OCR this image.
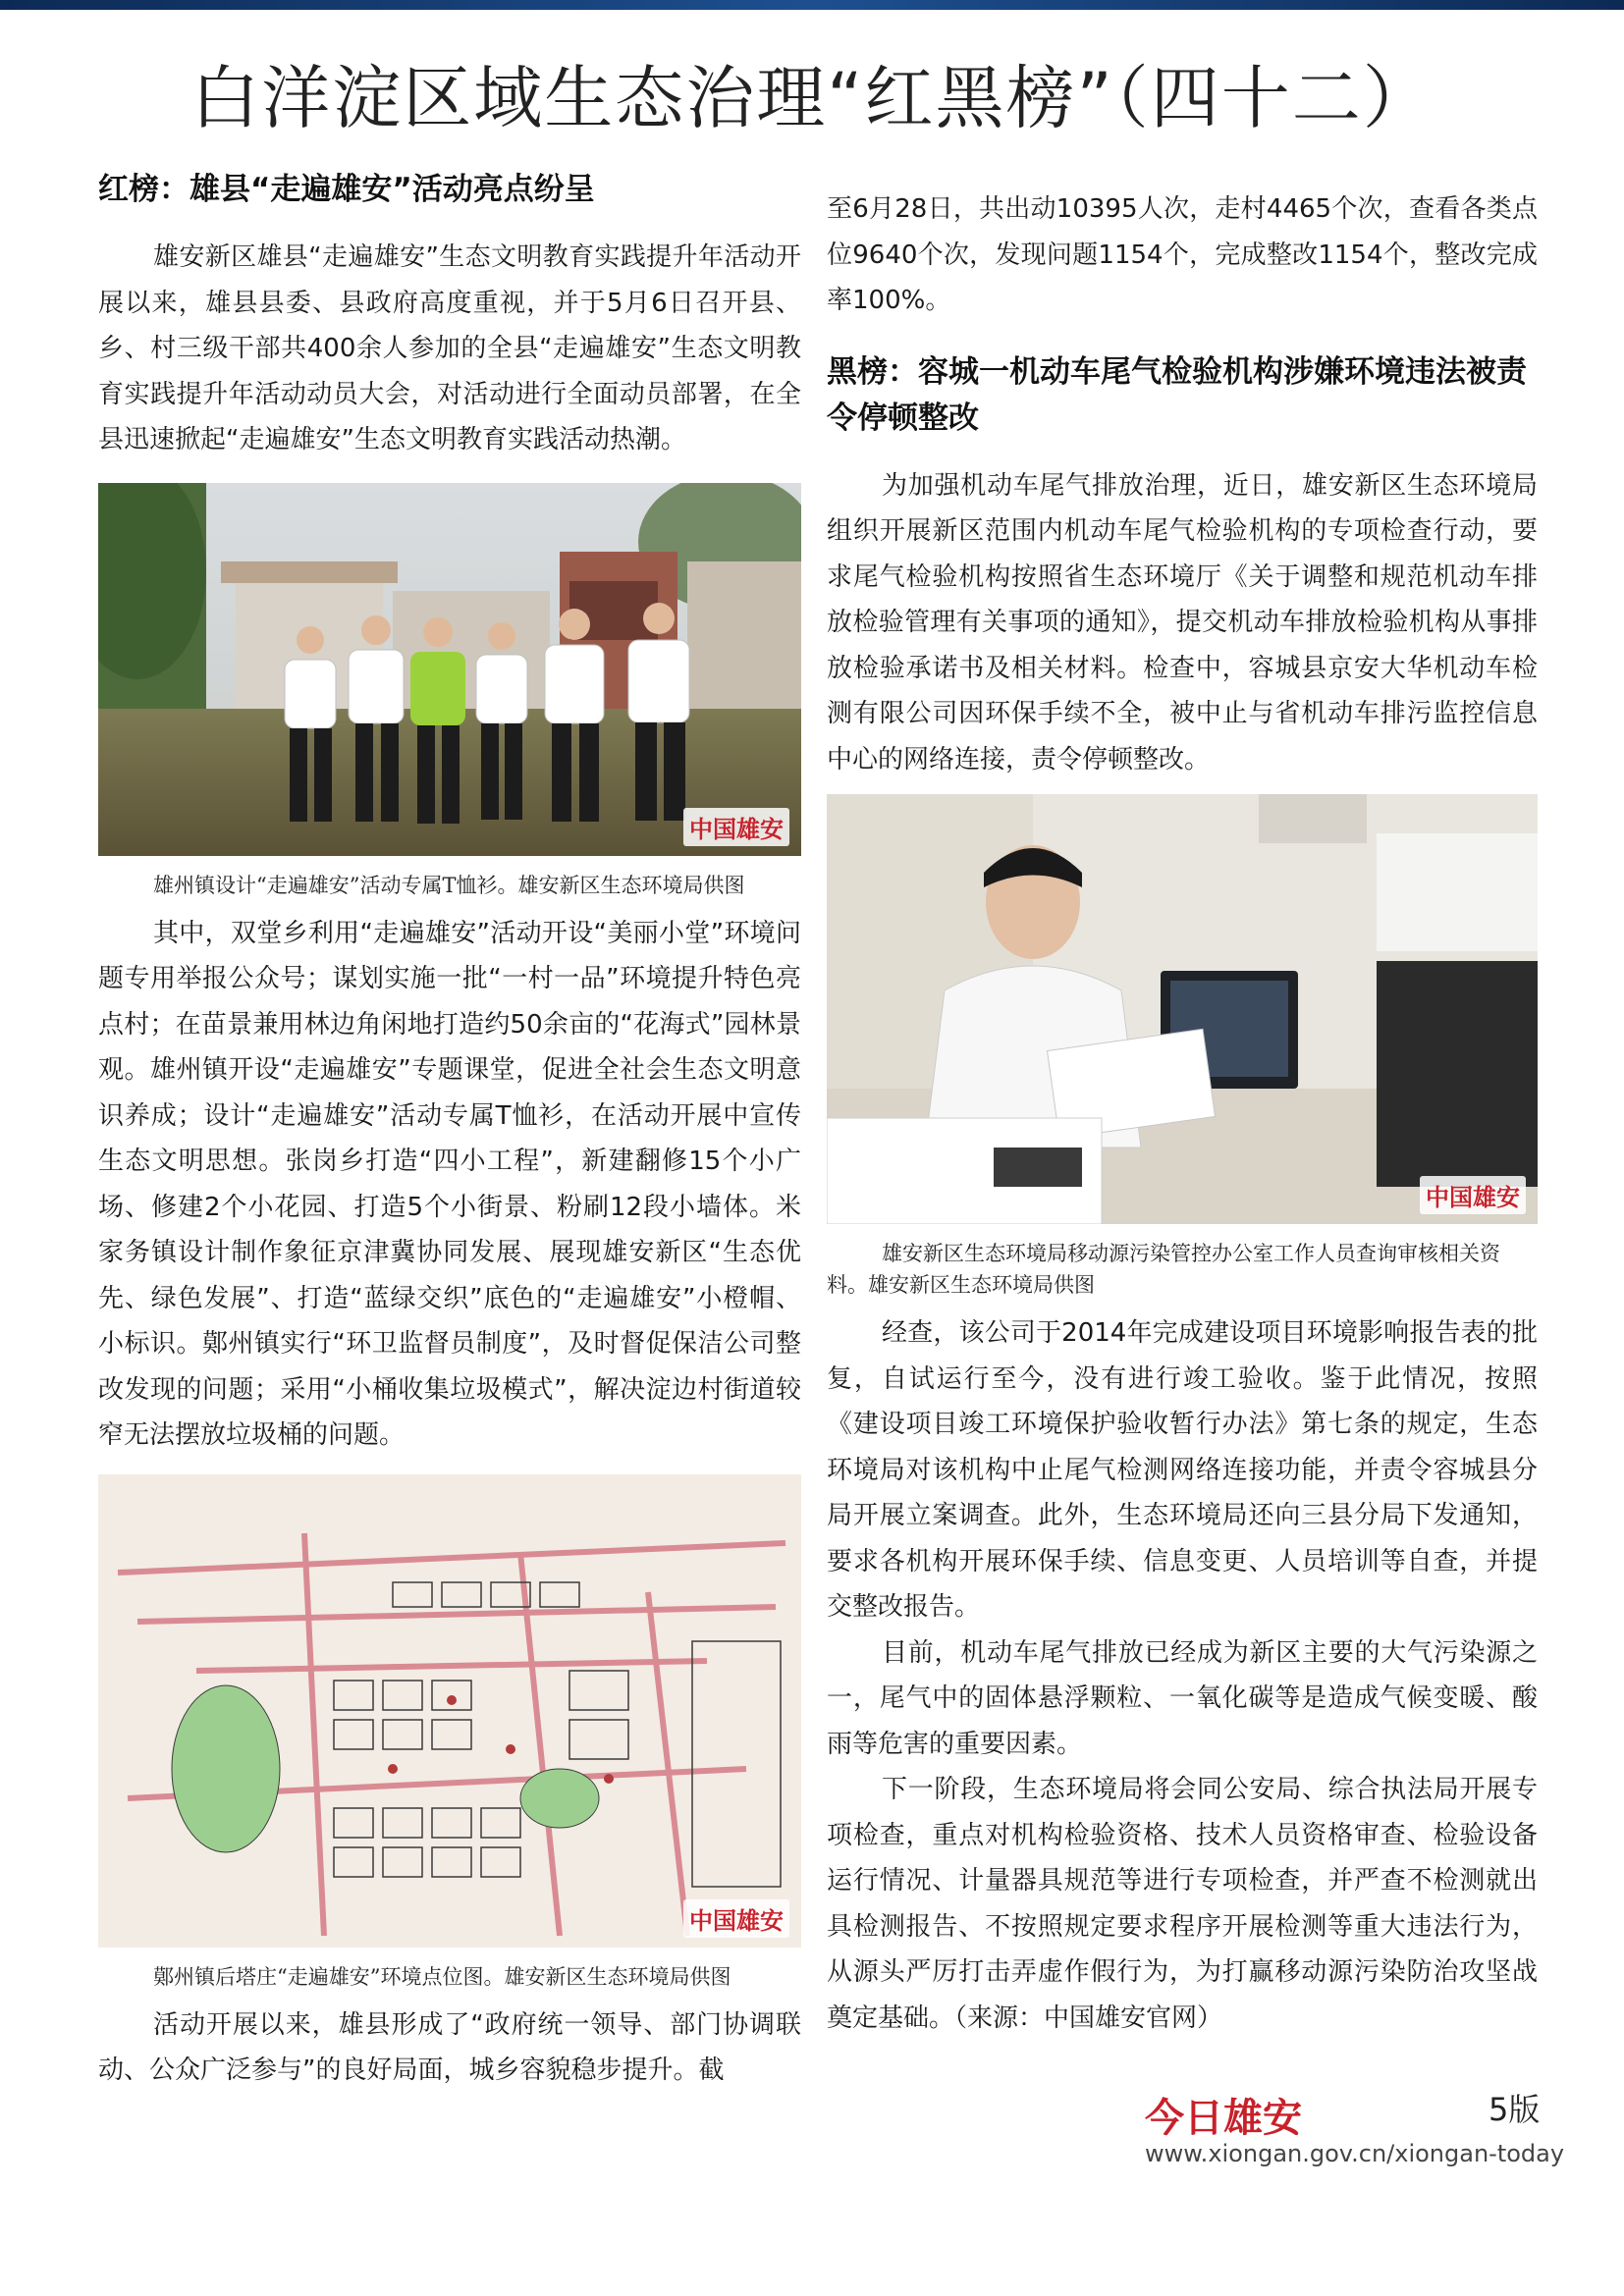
白洋淀区域生态治理“红黑榜”（四十二）
红榜：雄县“走遍雄安”活动亮点纷呈

雄安新区雄县“走遍雄安”生态文明教育实践提升年活动开展以来，雄县县委、县政府高度重视，并于5月6日召开县、乡、村三级干部共400余人参加的全县“走遍雄安”生态文明教育实践提升年活动动员大会，对活动进行全面动员部署，在全县迅速掀起“走遍雄安”生态文明教育实践活动热潮。

中国雄安
雄州镇设计“走遍雄安”活动专属T恤衫。雄安新区生态环境局供图

其中，双堂乡利用“走遍雄安”活动开设“美丽小堂”环境问题专用举报公众号；谋划实施一批“一村一品”环境提升特色亮点村；在苗景兼用林边角闲地打造约50余亩的“花海式”园林景观。雄州镇开设“走遍雄安”专题课堂，促进全社会生态文明意识养成；设计“走遍雄安”活动专属T恤衫，在活动开展中宣传生态文明思想。张岗乡打造“四小工程”，新建翻修15个小广场、修建2个小花园、打造5个小街景、粉刷12段小墙体。米家务镇设计制作象征京津冀协同发展、展现雄安新区“生态优先、绿色发展”、打造“蓝绿交织”底色的“走遍雄安”小橙帽、小标识。鄚州镇实行“环卫监督员制度”，及时督促保洁公司整改发现的问题；采用“小桶收集垃圾模式”，解决淀边村街道较窄无法摆放垃圾桶的问题。

中国雄安
鄚州镇后塔庄“走遍雄安”环境点位图。雄安新区生态环境局供图

活动开展以来，雄县形成了“政府统一领导、部门协调联动、公众广泛参与”的良好局面，城乡容貌稳步提升。截

至6月28日，共出动10395人次，走村4465个次，查看各类点位9640个次，发现问题1154个，完成整改1154个，整改完成率100%。

黑榜：容城一机动车尾气检验机构涉嫌环境违法被责令停顿整改

为加强机动车尾气排放治理，近日，雄安新区生态环境局组织开展新区范围内机动车尾气检验机构的专项检查行动，要求尾气检验机构按照省生态环境厅《关于调整和规范机动车排放检验管理有关事项的通知》，提交机动车排放检验机构从事排放检验承诺书及相关材料。检查中，容城县京安大华机动车检测有限公司因环保手续不全，被中止与省机动车排污监控信息中心的网络连接，责令停顿整改。

中国雄安
雄安新区生态环境局移动源污染管控办公室工作人员查询审核相关资料。雄安新区生态环境局供图

经查，该公司于2014年完成建设项目环境影响报告表的批复，自试运行至今，没有进行竣工验收。鉴于此情况，按照《建设项目竣工环境保护验收暂行办法》第七条的规定，生态环境局对该机构中止尾气检测网络连接功能，并责令容城县分局开展立案调查。此外，生态环境局还向三县分局下发通知，要求各机构开展环保手续、信息变更、人员培训等自查，并提交整改报告。

目前，机动车尾气排放已经成为新区主要的大气污染源之一，尾气中的固体悬浮颗粒、一氧化碳等是造成气候变暖、酸雨等危害的重要因素。

下一阶段，生态环境局将会同公安局、综合执法局开展专项检查，重点对机构检验资格、技术人员资格审查、检验设备运行情况、计量器具规范等进行专项检查，并严查不检测就出具检测报告、不按照规定要求程序开展检测等重大违法行为，从源头严厉打击弄虚作假行为，为打赢移动源污染防治攻坚战奠定基础。（来源：中国雄安官网）

今日雄安	5版
www.xiongan.gov.cn/xiongan-today
